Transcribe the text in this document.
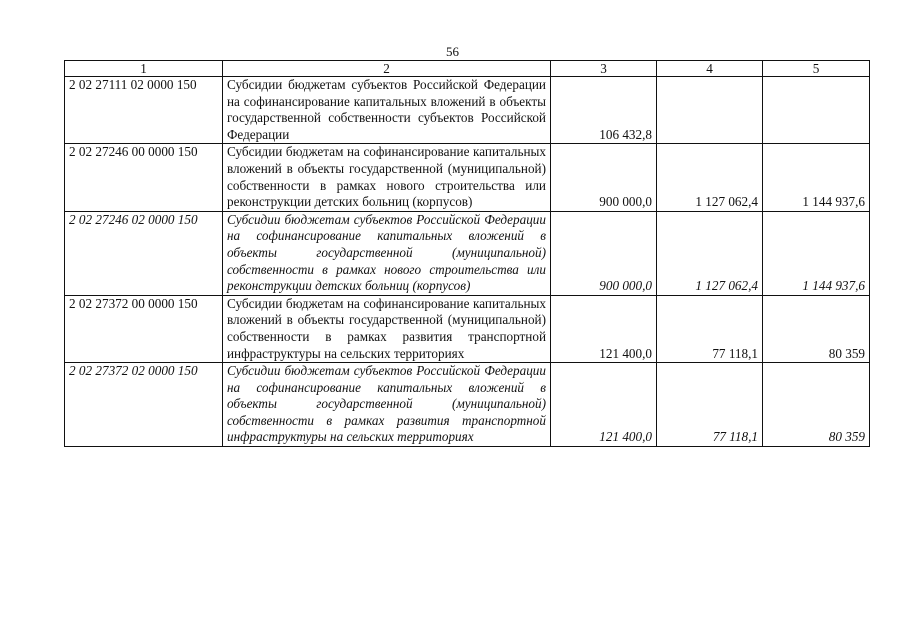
56
1	2	3	4	5
2 02 27111 02 0000 150	Субсидии бюджетам субъектов Российской Федерации на софинансирование капитальных вложений в объекты государственной собственности субъектов Российской Федерации	106 432,8		
2 02 27246 00 0000 150	Субсидии бюджетам на софинансирование капитальных вложений в объекты государственной (муниципальной) собственности в рамках нового строительства или реконструкции детских больниц (корпусов)	900 000,0	1 127 062,4	1 144 937,6
2 02 27246 02 0000 150	Субсидии бюджетам субъектов Российской Федерации на софинансирование капитальных вложений в объекты государственной (муниципальной) собственности в рамках нового строительства или реконструкции детских больниц (корпусов)	900 000,0	1 127 062,4	1 144 937,6
2 02 27372 00 0000 150	Субсидии бюджетам на софинансирование капитальных вложений в объекты государственной (муниципальной) собственности в рамках развития транспортной инфраструктуры на сельских территориях	121 400,0	77 118,1	80 359
2 02 27372 02 0000 150	Субсидии бюджетам субъектов Российской Федерации на софинансирование капитальных вложений в объекты государственной (муниципальной) собственности в рамках развития транспортной инфраструктуры на сельских территориях	121 400,0	77 118,1	80 359
